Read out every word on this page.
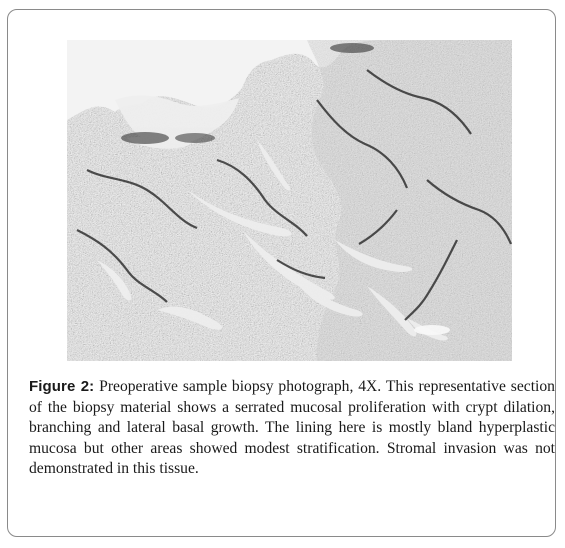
Figure 2: Preoperative sample biopsy photograph, 4X. This representative section of the biopsy material shows a serrated mucosal proliferation with crypt dilation, branching and lateral basal growth. The lining here is mostly bland hyperplastic mucosa but other areas showed modest stratification. Stromal invasion was not demonstrated in this tissue.
